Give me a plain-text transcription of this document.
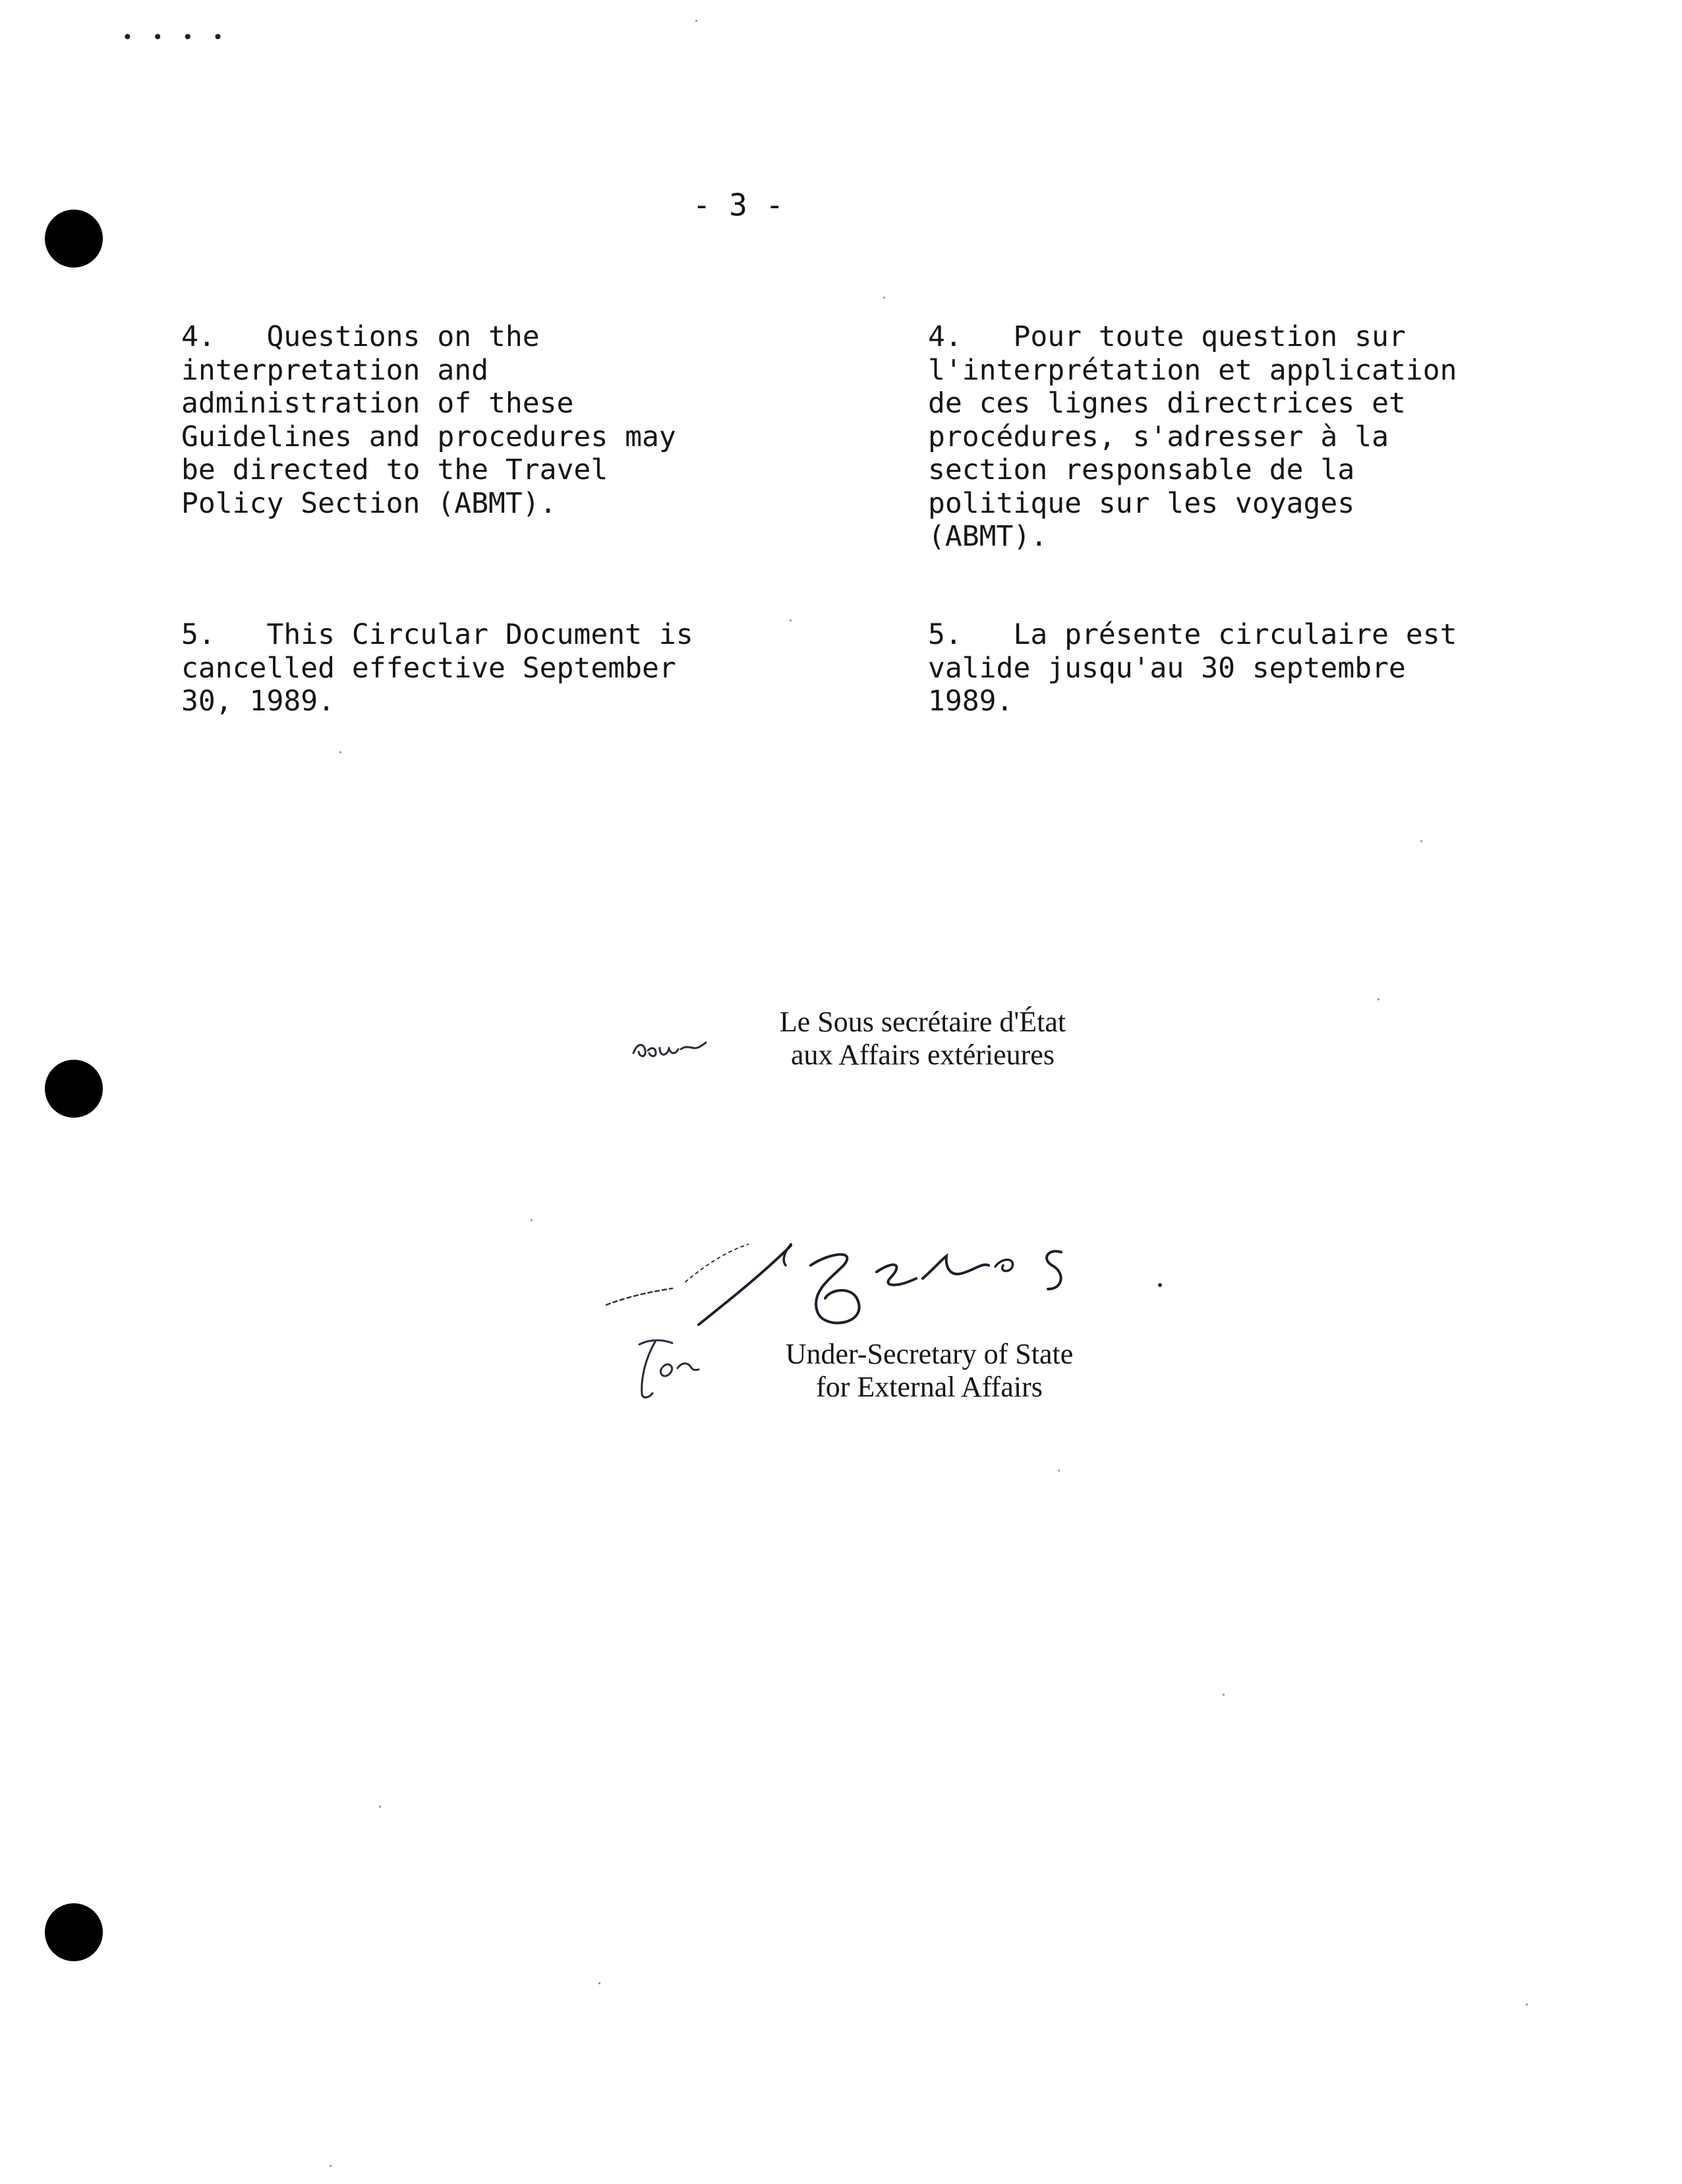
• • • •
- 3 -
4.   Questions on the
interpretation and
administration of these
Guidelines and procedures may
be directed to the Travel
Policy Section (ABMT).
4.   Pour toute question sur
l'interprétation et application
de ces lignes directrices et
procédures, s'adresser à la
section responsable de la
politique sur les voyages
(ABMT).
5.   This Circular Document is
cancelled effective September
30, 1989.
5.   La présente circulaire est
valide jusqu'au 30 septembre
1989.
Le Sous secrétaire d'État
aux Affairs extérieures
Under-Secretary of State
for External Affairs
